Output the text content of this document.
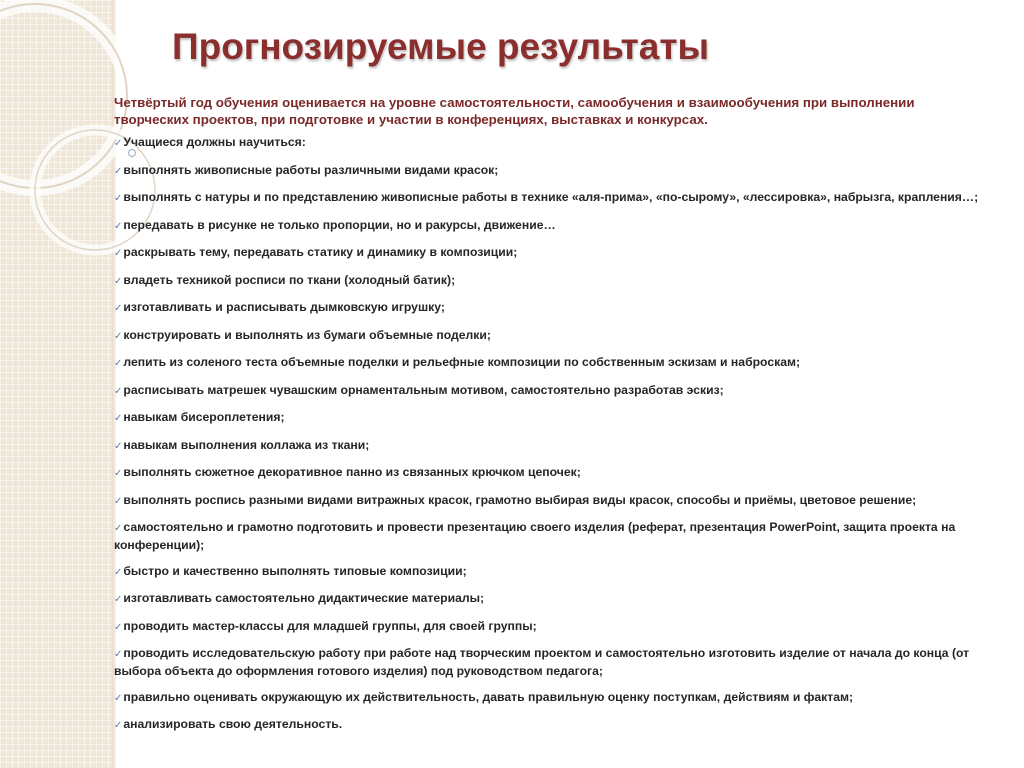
Прогнозируемые результаты

Четвёртый год обучения оценивается на уровне самостоятельности, самообучения и взаимообучения при выполнении творческих проектов, при подготовке и участии в конференциях, выставках и конкурсах.

✓Учащиеся должны научиться:
✓выполнять живописные работы различными видами красок;
✓выполнять с натуры и по представлению живописные работы в технике «аля-прима», «по-сырому», «лессировка», набрызга, крапления…;
✓передавать в рисунке не только пропорции, но и ракурсы, движение…
✓раскрывать тему, передавать статику и динамику в композиции;
✓владеть техникой росписи по ткани (холодный батик);
✓изготавливать и расписывать дымковскую игрушку;
✓конструировать и выполнять из бумаги объемные поделки;
✓лепить из соленого теста объемные поделки и рельефные композиции по собственным эскизам и наброскам;
✓расписывать матрешек чувашским орнаментальным мотивом, самостоятельно разработав эскиз;
✓навыкам бисероплетения;
✓навыкам выполнения коллажа из ткани;
✓выполнять сюжетное декоративное панно из связанных крючком цепочек;
✓выполнять роспись разными видами витражных красок, грамотно выбирая виды красок, способы и приёмы, цветовое решение;
✓самостоятельно и грамотно подготовить и провести презентацию своего изделия (реферат, презентация PowerPoint, защита проекта на конференции);
✓быстро и качественно выполнять типовые композиции;
✓изготавливать самостоятельно дидактические материалы;
✓проводить мастер-классы для младшей группы, для своей группы;
✓проводить исследовательскую работу при работе над творческим проектом и самостоятельно изготовить изделие от начала до конца (от выбора объекта до оформления готового изделия) под руководством педагога;
✓правильно оценивать окружающую их действительность, давать правильную оценку поступкам, действиям и фактам;
✓анализировать свою деятельность.
